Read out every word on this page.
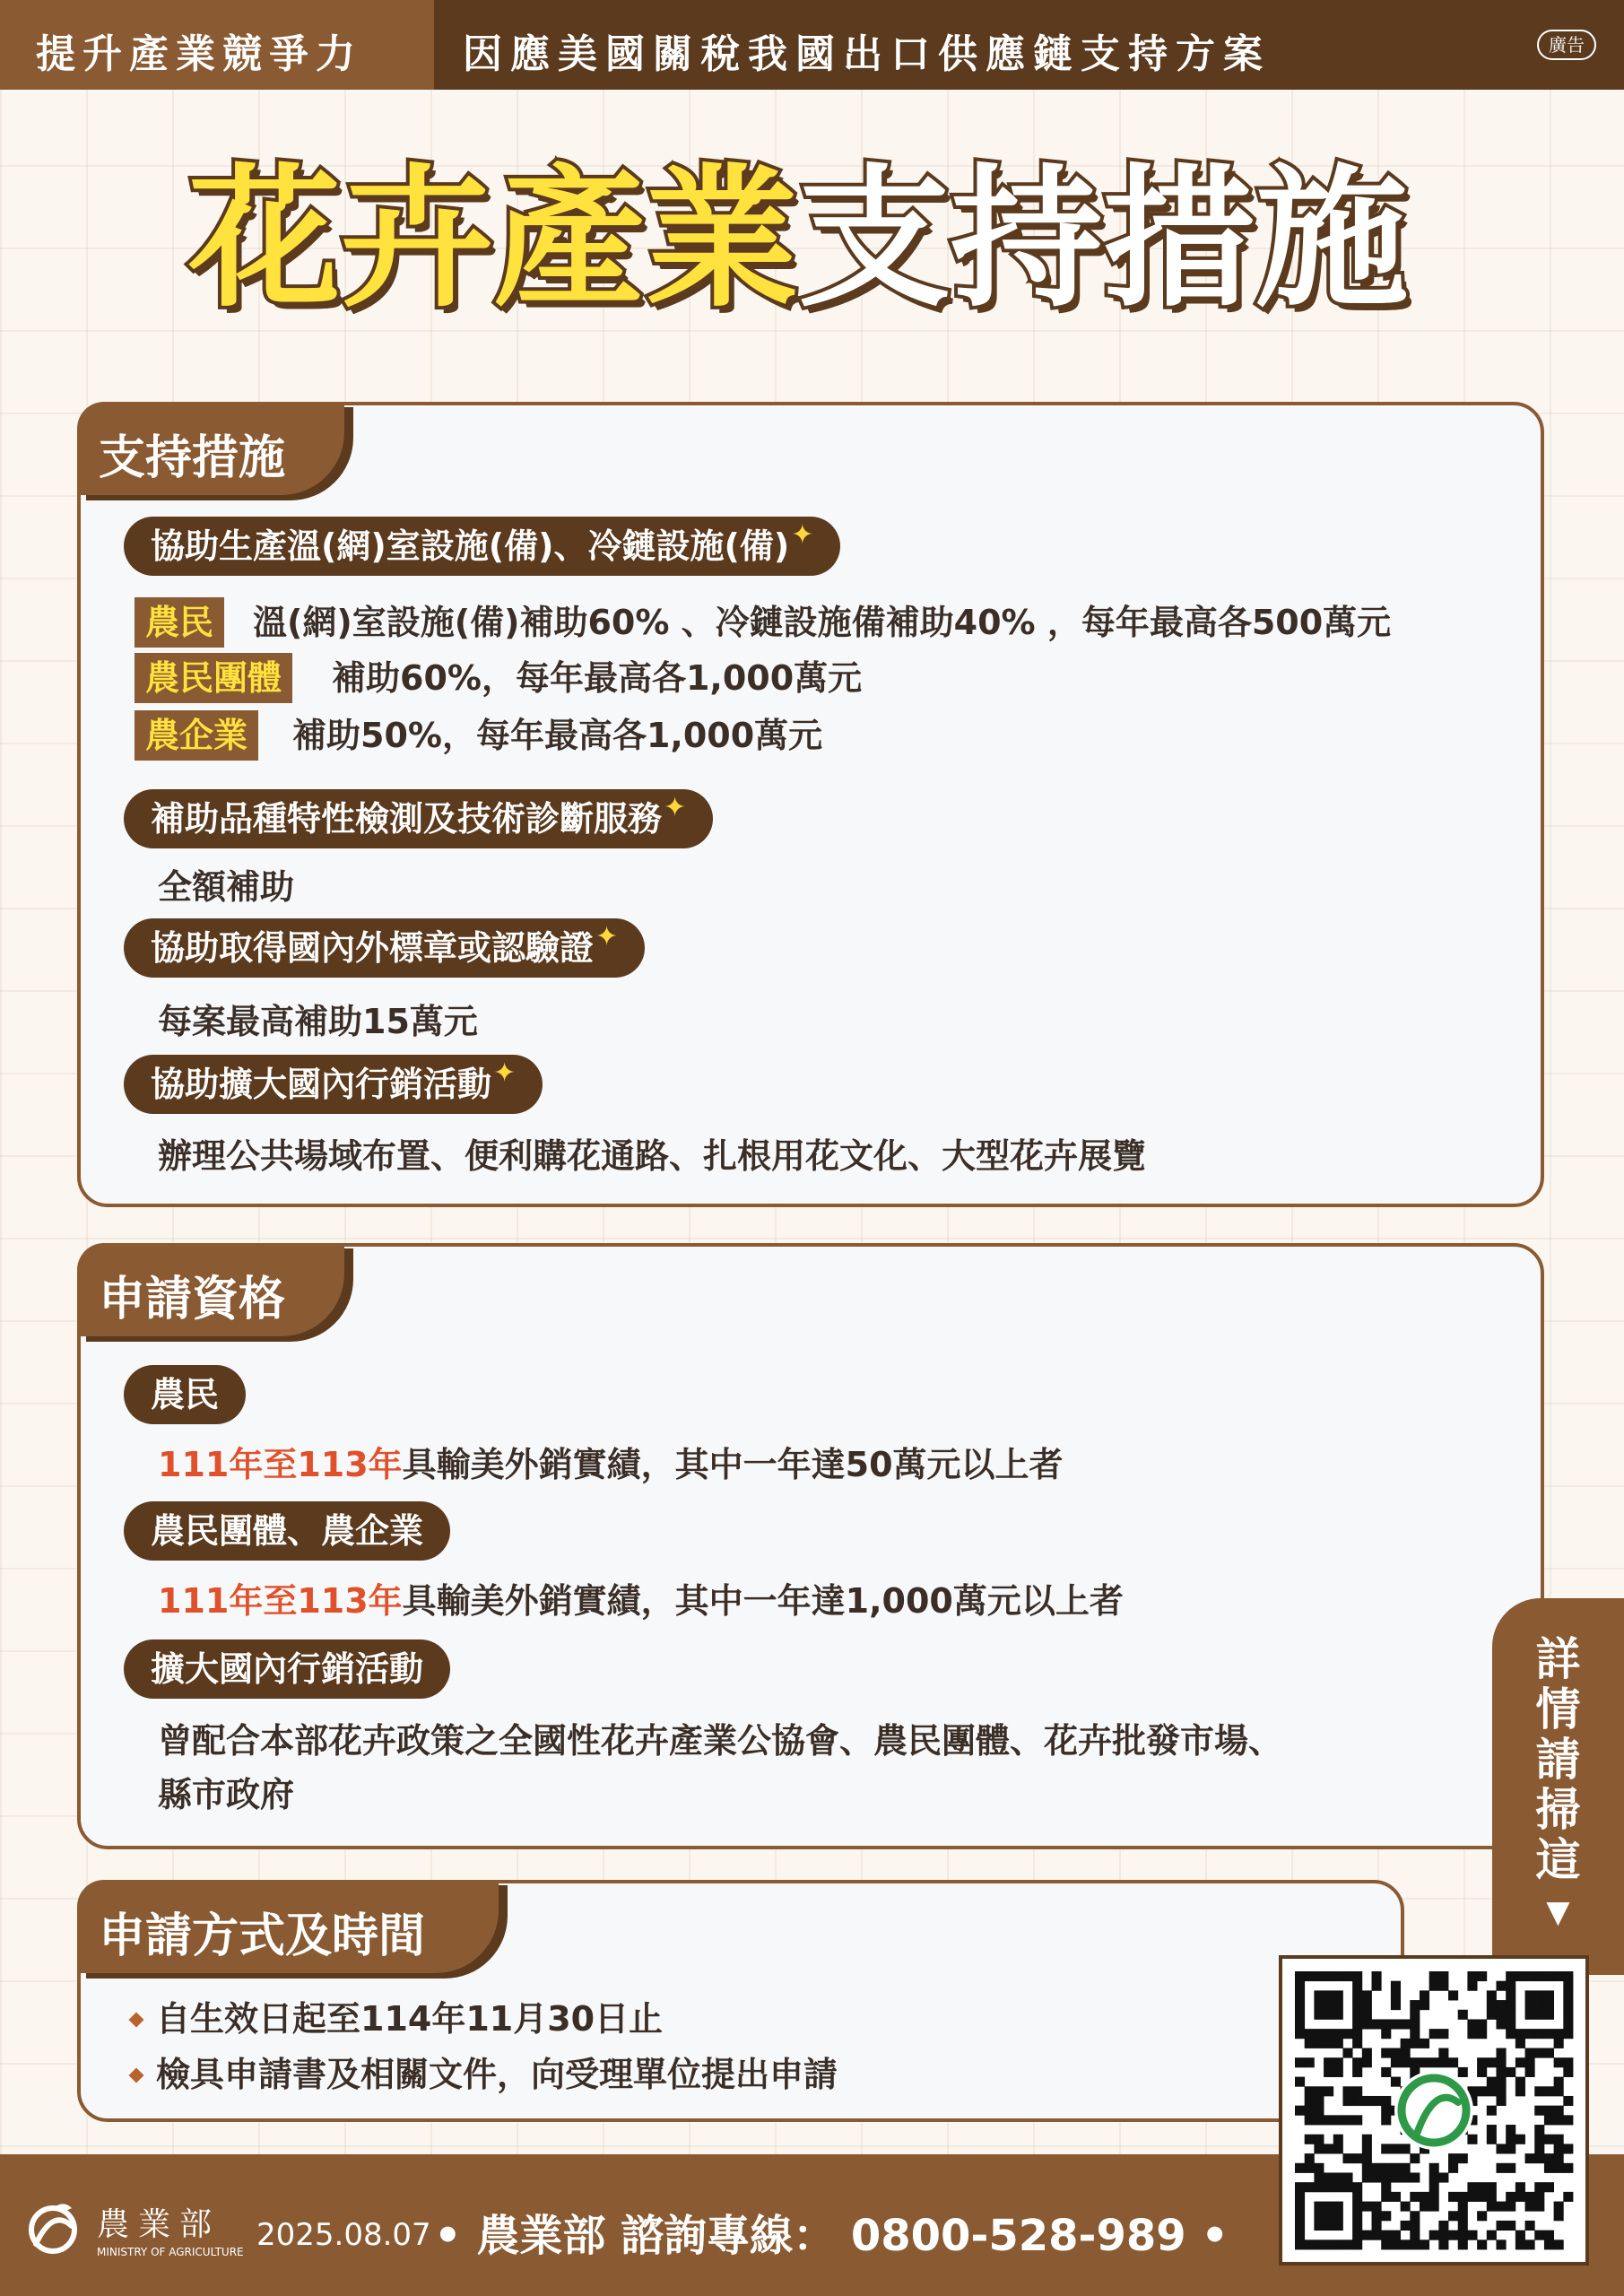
提升產業競爭力	因應美國關稅我國出口供應鏈支持方案	廣告
花卉產業支持措施
支持措施
協助生產溫(網)室設施(備)、冷鏈設施(備)✦
農民	溫(網)室設施(備)補助60% 、冷鏈設施備補助40% ，每年最高各500萬元
農民團體	補助60%，每年最高各1,000萬元
農企業	補助50%，每年最高各1,000萬元
補助品種特性檢測及技術診斷服務✦
全額補助
協助取得國內外標章或認驗證✦
每案最高補助15萬元
協助擴大國內行銷活動✦
辦理公共場域布置、便利購花通路、扎根用花文化、大型花卉展覽
申請資格
農民
111年至113年具輸美外銷實績，其中一年達50萬元以上者
農民團體、農企業
111年至113年具輸美外銷實績，其中一年達1,000萬元以上者
擴大國內行銷活動
曾配合本部花卉政策之全國性花卉產業公協會、農民團體、花卉批發市場、
縣市政府
申請方式及時間
自生效日起至114年11月30日止
檢具申請書及相關文件，向受理單位提出申請
詳情請掃這
▼
農業部
MINISTRY OF AGRICULTURE 2025.08.07 • 農業部 諮詢專線： 0800-528-989 •
